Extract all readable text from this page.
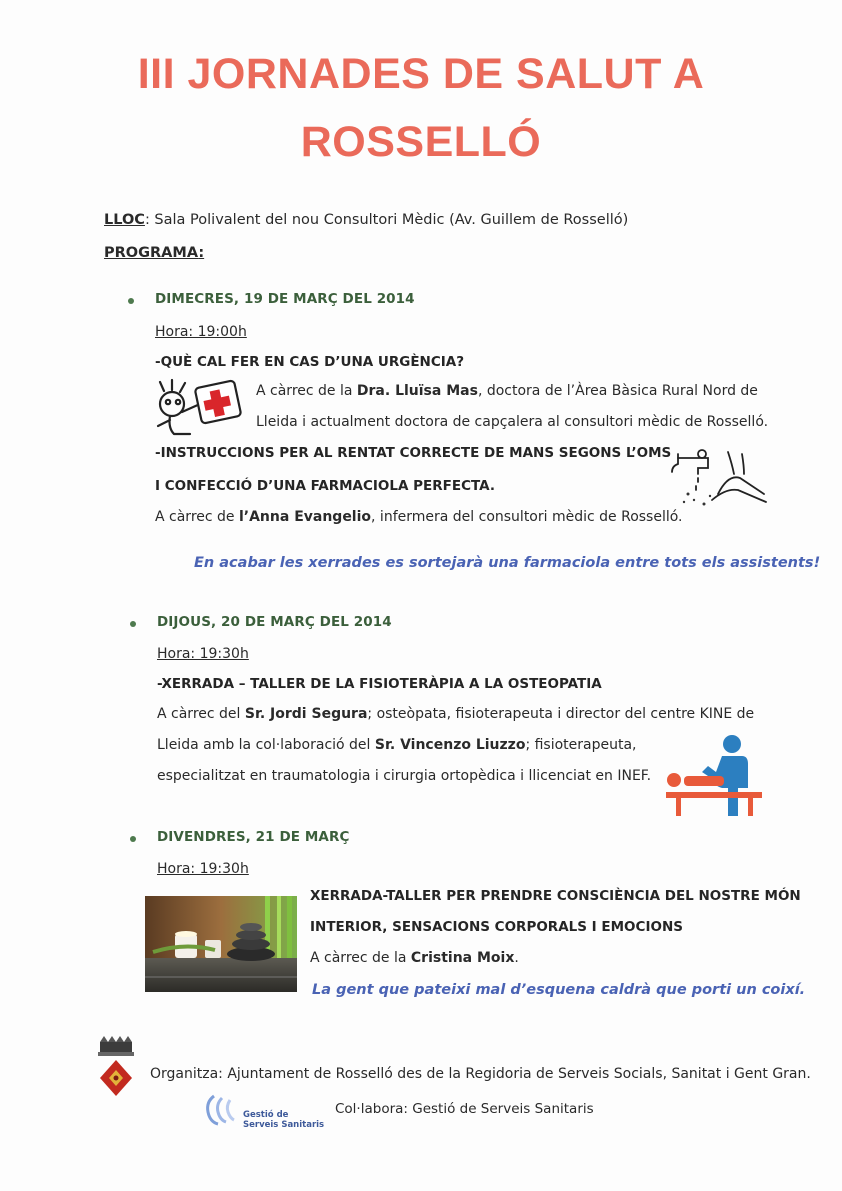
III JORNADES DE SALUT A
ROSSELLÓ
LLOC: Sala Polivalent del nou Consultori Mèdic (Av. Guillem de Rosselló)
PROGRAMA:
DIMECRES, 19 DE MARÇ DEL 2014
Hora: 19:00h
-QUÈ CAL FER EN CAS D’UNA URGÈNCIA?
A càrrec de la Dra. Lluïsa Mas, doctora de l’Àrea Bàsica Rural Nord de
Lleida i actualment doctora de capçalera al consultori mèdic de Rosselló.
-INSTRUCCIONS PER AL RENTAT CORRECTE DE MANS SEGONS L’OMS
I CONFECCIÓ D’UNA FARMACIOLA PERFECTA.
A càrrec de l’Anna Evangelio, infermera del consultori mèdic de Rosselló.
En acabar les xerrades es sortejarà una farmaciola entre tots els assistents!
DIJOUS, 20 DE MARÇ DEL 2014
Hora: 19:30h
-XERRADA – TALLER DE LA FISIOTERÀPIA A LA OSTEOPATIA
A càrrec del Sr. Jordi Segura; osteòpata, fisioterapeuta i director del centre KINE de
Lleida amb la col·laboració del Sr. Vincenzo Liuzzo; fisioterapeuta,
especialitzat en traumatologia i cirurgia ortopèdica i llicenciat en INEF.
DIVENDRES, 21 DE MARÇ
Hora: 19:30h
XERRADA-TALLER PER PRENDRE CONSCIÈNCIA DEL NOSTRE MÓN
INTERIOR, SENSACIONS CORPORALS I EMOCIONS
A càrrec de la Cristina Moix.
La gent que pateixi mal d’esquena caldrà que porti un coixí.
Organitza: Ajuntament de Rosselló des de la Regidoria de Serveis Socials, Sanitat i Gent Gran.
Gestió de
Serveis Sanitaris
Col·labora: Gestió de Serveis Sanitaris
